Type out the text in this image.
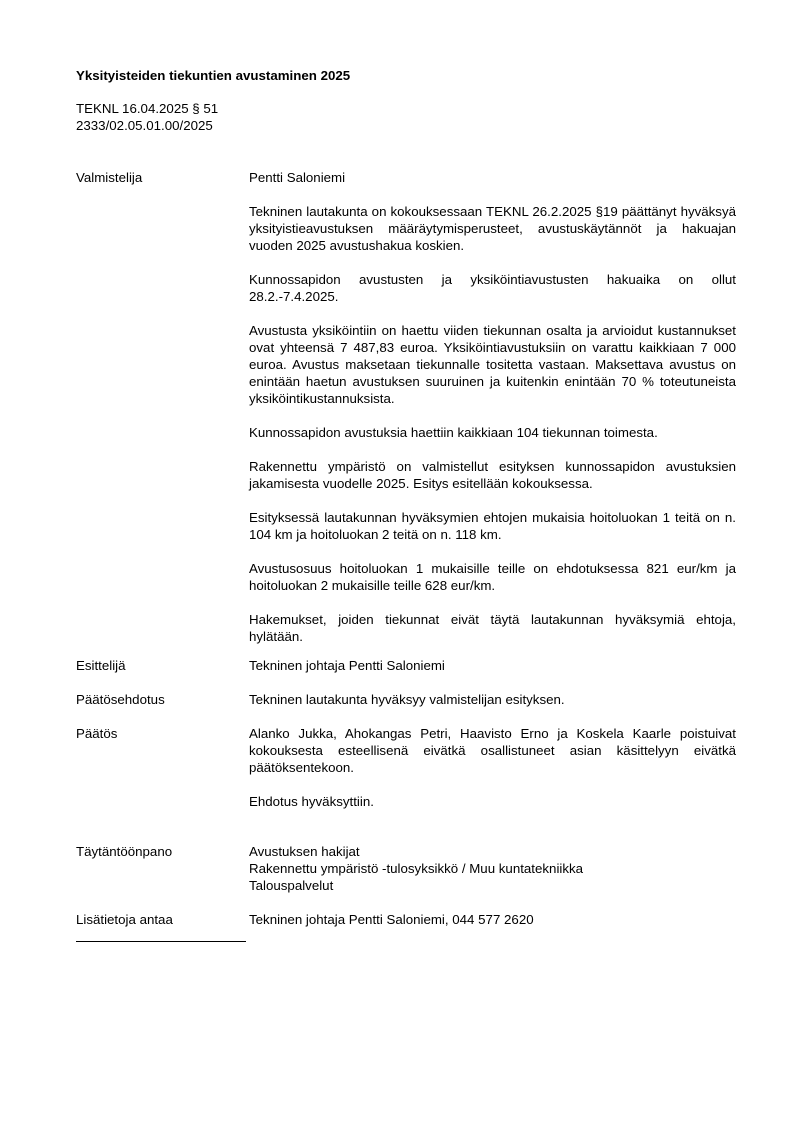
Yksityisteiden tiekuntien avustaminen 2025
TEKNL 16.04.2025 § 51
2333/02.05.01.00/2025
Valmistelija	Pentti Saloniemi

Tekninen lautakunta on kokouksessaan TEKNL 26.2.2025 §19 päättänyt hyväksyä yksityistieavustuksen määräytymisperusteet, avustuskäytännöt ja hakuajan vuoden 2025 avustushakua koskien.

Kunnossapidon avustusten ja yksiköintiavustusten hakuaika on ollut 28.2.-7.4.2025.

Avustusta yksiköintiin on haettu viiden tiekunnan osalta ja arvioidut kustannukset ovat yhteensä 7 487,83 euroa. Yksiköintiavustuksiin on varattu kaikkiaan 7 000 euroa. Avustus maksetaan tiekunnalle tositetta vastaan. Maksettava avustus on enintään haetun avustuksen suuruinen ja kuitenkin enintään 70 % toteutuneista yksiköintikustannuksista.

Kunnossapidon avustuksia haettiin kaikkiaan 104 tiekunnan toimesta.

Rakennettu ympäristö on valmistellut esityksen kunnossapidon avustuksien jakamisesta vuodelle 2025. Esitys esitellään kokouksessa.

Esityksessä lautakunnan hyväksymien ehtojen mukaisia hoitoluokan 1 teitä on n. 104 km ja hoitoluokan 2 teitä on n. 118 km.

Avustusosuus hoitoluokan 1 mukaisille teille on ehdotuksessa 821 eur/km ja hoitoluokan 2 mukaisille teille 628 eur/km.

Hakemukset, joiden tiekunnat eivät täytä lautakunnan hyväksymiä ehtoja, hylätään.

Esittelijä	Tekninen johtaja Pentti Saloniemi
Päätösehdotus	Tekninen lautakunta hyväksyy valmistelijan esityksen.
Päätös	Alanko Jukka, Ahokangas Petri, Haavisto Erno ja Koskela Kaarle poistuivat kokouksesta esteellisenä eivätkä osallistuneet asian käsittelyyn eivätkä päätöksentekoon.

Ehdotus hyväksyttiin.

Täytäntöönpano	Avustuksen hakijat
Rakennettu ympäristö -tulosyksikkö / Muu kuntatekniikka
Talouspalvelut
Lisätietoja antaa	Tekninen johtaja Pentti Saloniemi, 044 577 2620
